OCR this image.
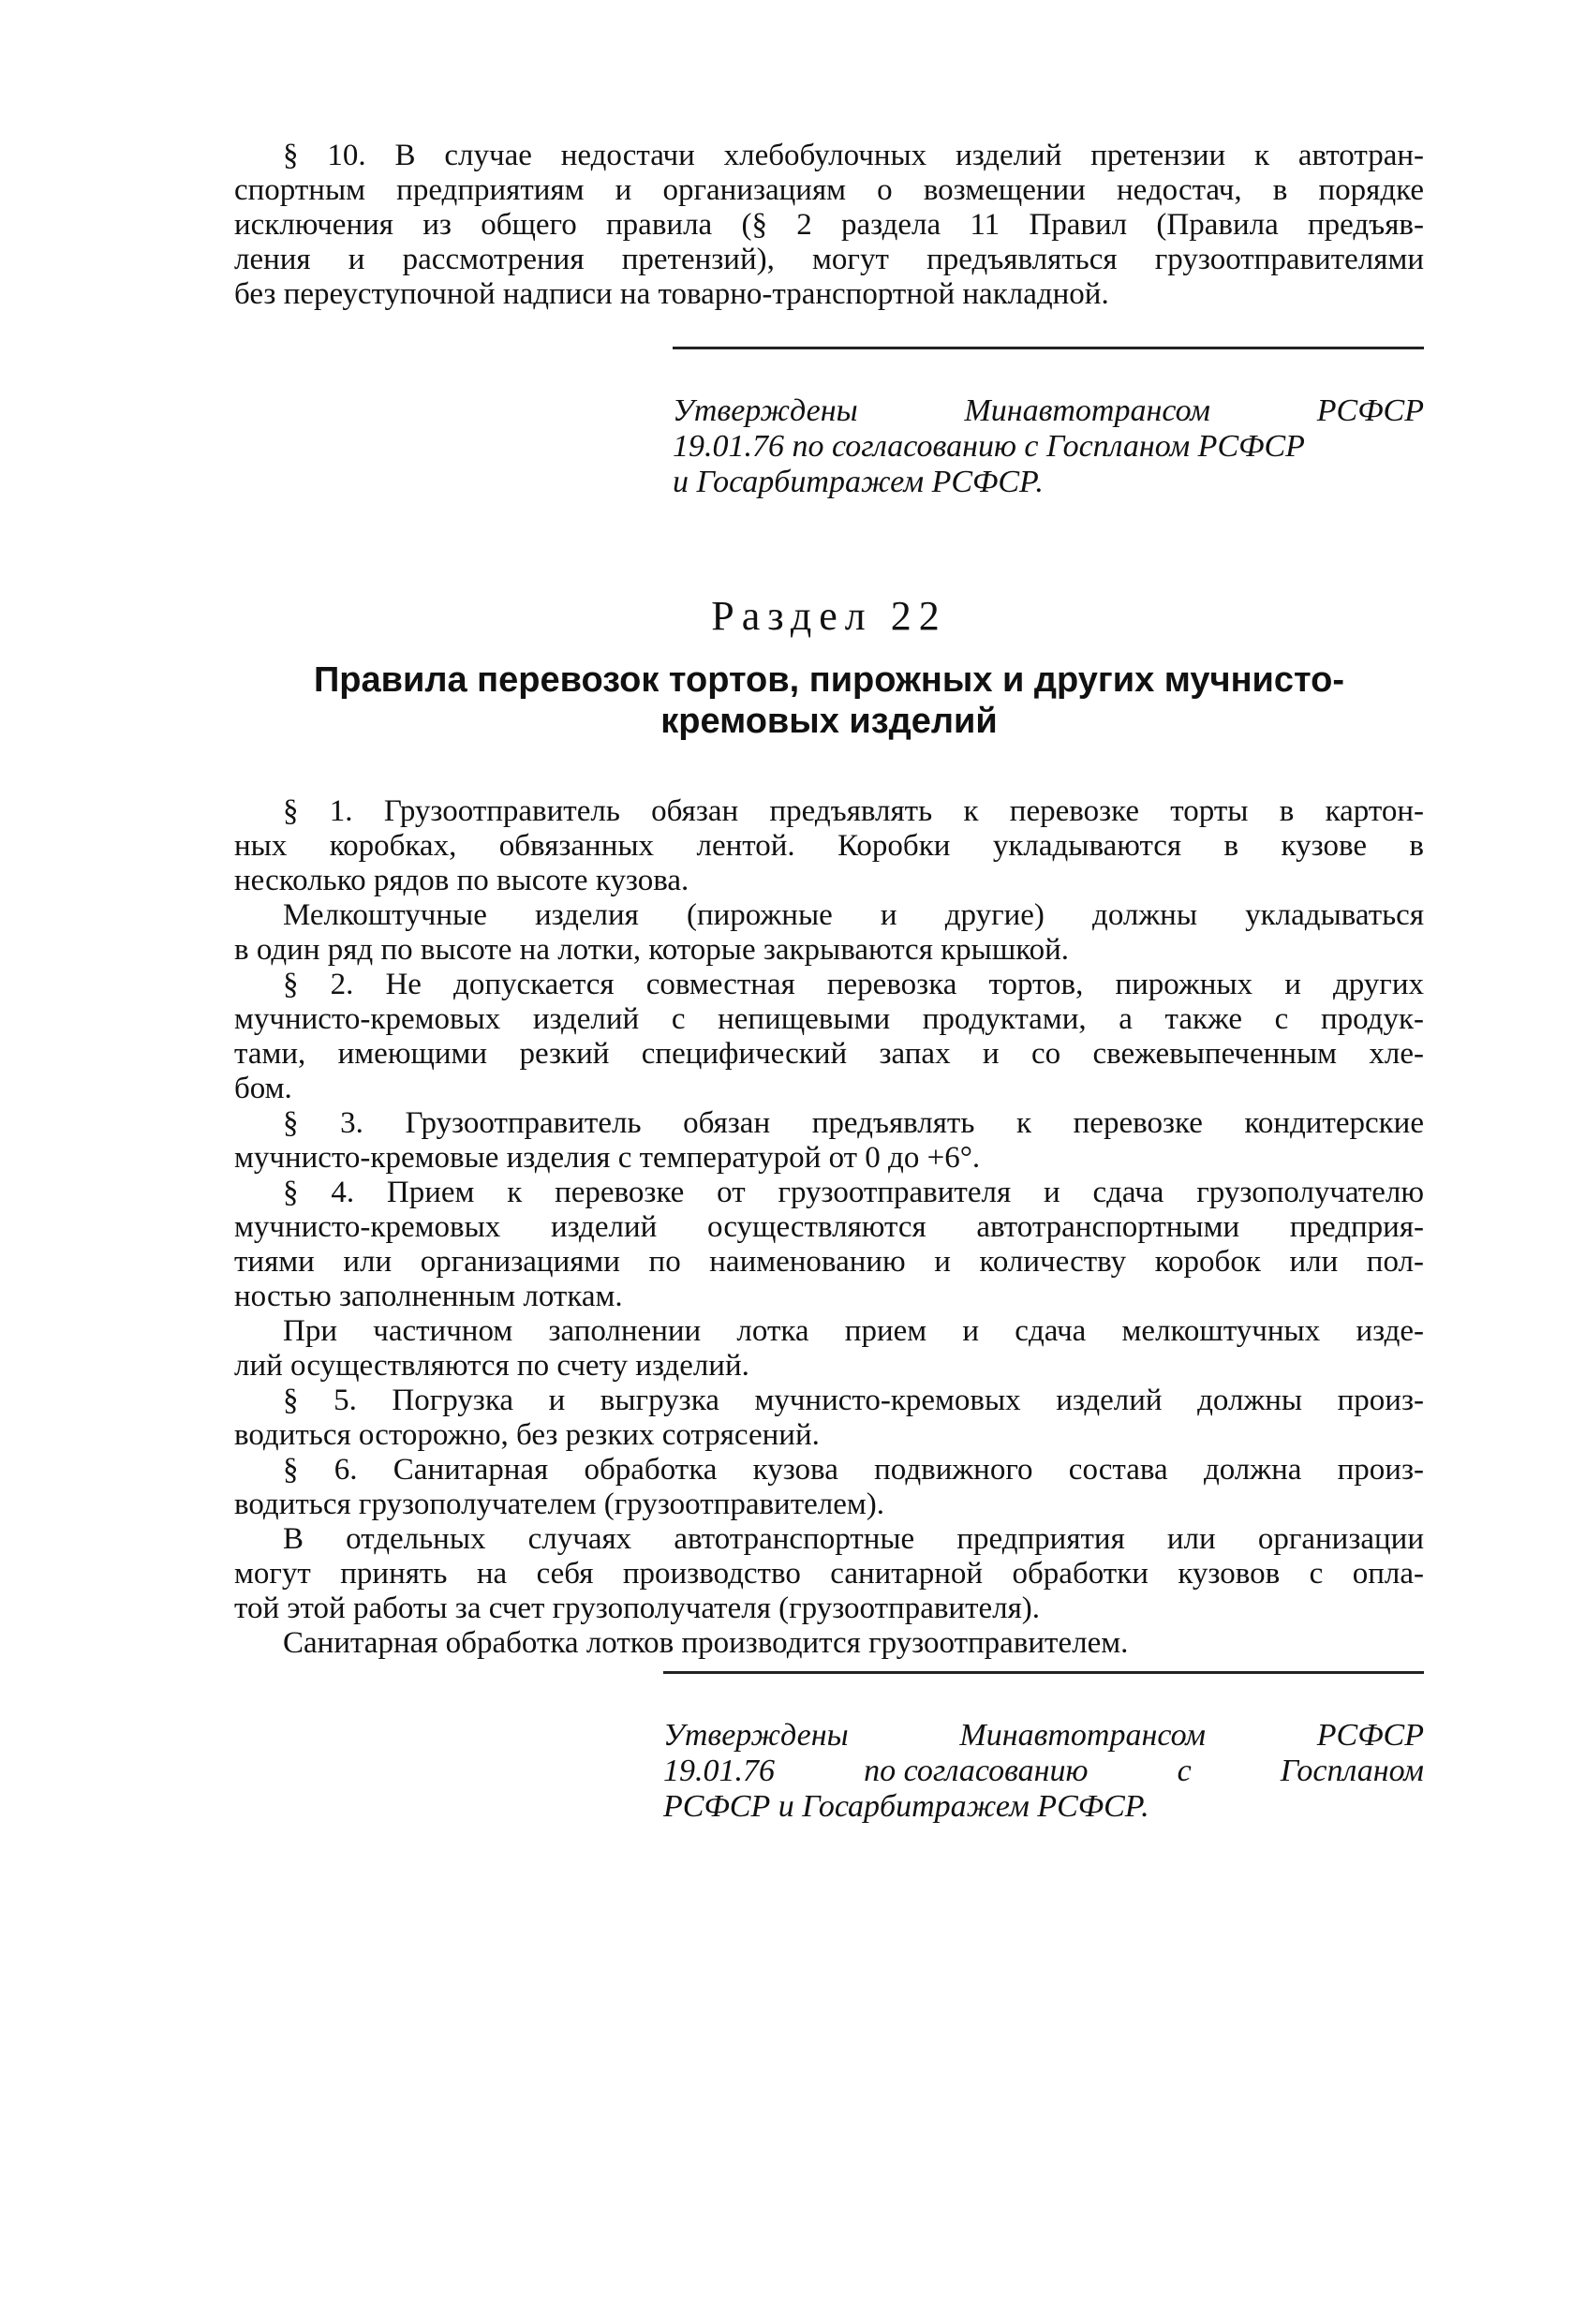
§ 10. В случае недостачи хлебобулочных изделий претензии к автотран-

спортным предприятиям и организациям о возмещении недостач, в порядке

исключения из общего правила (§ 2 раздела 11 Правил (Правила предъяв-

ления и рассмотрения претензий), могут предъявляться грузоотправителями

без переуступочной надписи на товарно-транспортной накладной.

Утверждены	Минавтотрансом	РСФСР
19.01.76 по согласованию с Госпланом РСФСР
и Госарбитражем РСФСР.
Раздел 22
Правила перевозок тортов, пирожных и других мучнисто-
кремовых изделий

§ 1. Грузоотправитель обязан предъявлять к перевозке торты в картон-

ных коробках, обвязанных лентой. Коробки укладываются в кузове в

несколько рядов по высоте кузова.

Мелкоштучные изделия (пирожные и другие) должны укладываться

в один ряд по высоте на лотки, которые закрываются крышкой.

§ 2. Не допускается совместная перевозка тортов, пирожных и других

мучнисто-кремовых изделий с непищевыми продуктами, а также с продук-

тами, имеющими резкий специфический запах и со свежевыпеченным хле-

бом.

§ 3. Грузоотправитель обязан предъявлять к перевозке кондитерские

мучнисто-кремовые изделия с температурой от 0 до +6°.

§ 4. Прием к перевозке от грузоотправителя и сдача грузополучателю

мучнисто-кремовых изделий осуществляются автотранспортными предприя-

тиями или организациями по наименованию и количеству коробок или пол-

ностью заполненным лоткам.

При частичном заполнении лотка прием и сдача мелкоштучных изде-

лий осуществляются по счету изделий.

§ 5. Погрузка и выгрузка мучнисто-кремовых изделий должны произ-

водиться осторожно, без резких сотрясений.

§ 6. Санитарная обработка кузова подвижного состава должна произ-

водиться грузополучателем (грузоотправителем).

В отдельных случаях автотранспортные предприятия или организации

могут принять на себя производство санитарной обработки кузовов с опла-

той этой работы за счет грузополучателя (грузоотправителя).

Санитарная обработка лотков производится грузоотправителем.

Утверждены	Минавтотрансом	РСФСР
19.01.76	по согласованию	с	Госпланом
РСФСР и Госарбитражем РСФСР.
